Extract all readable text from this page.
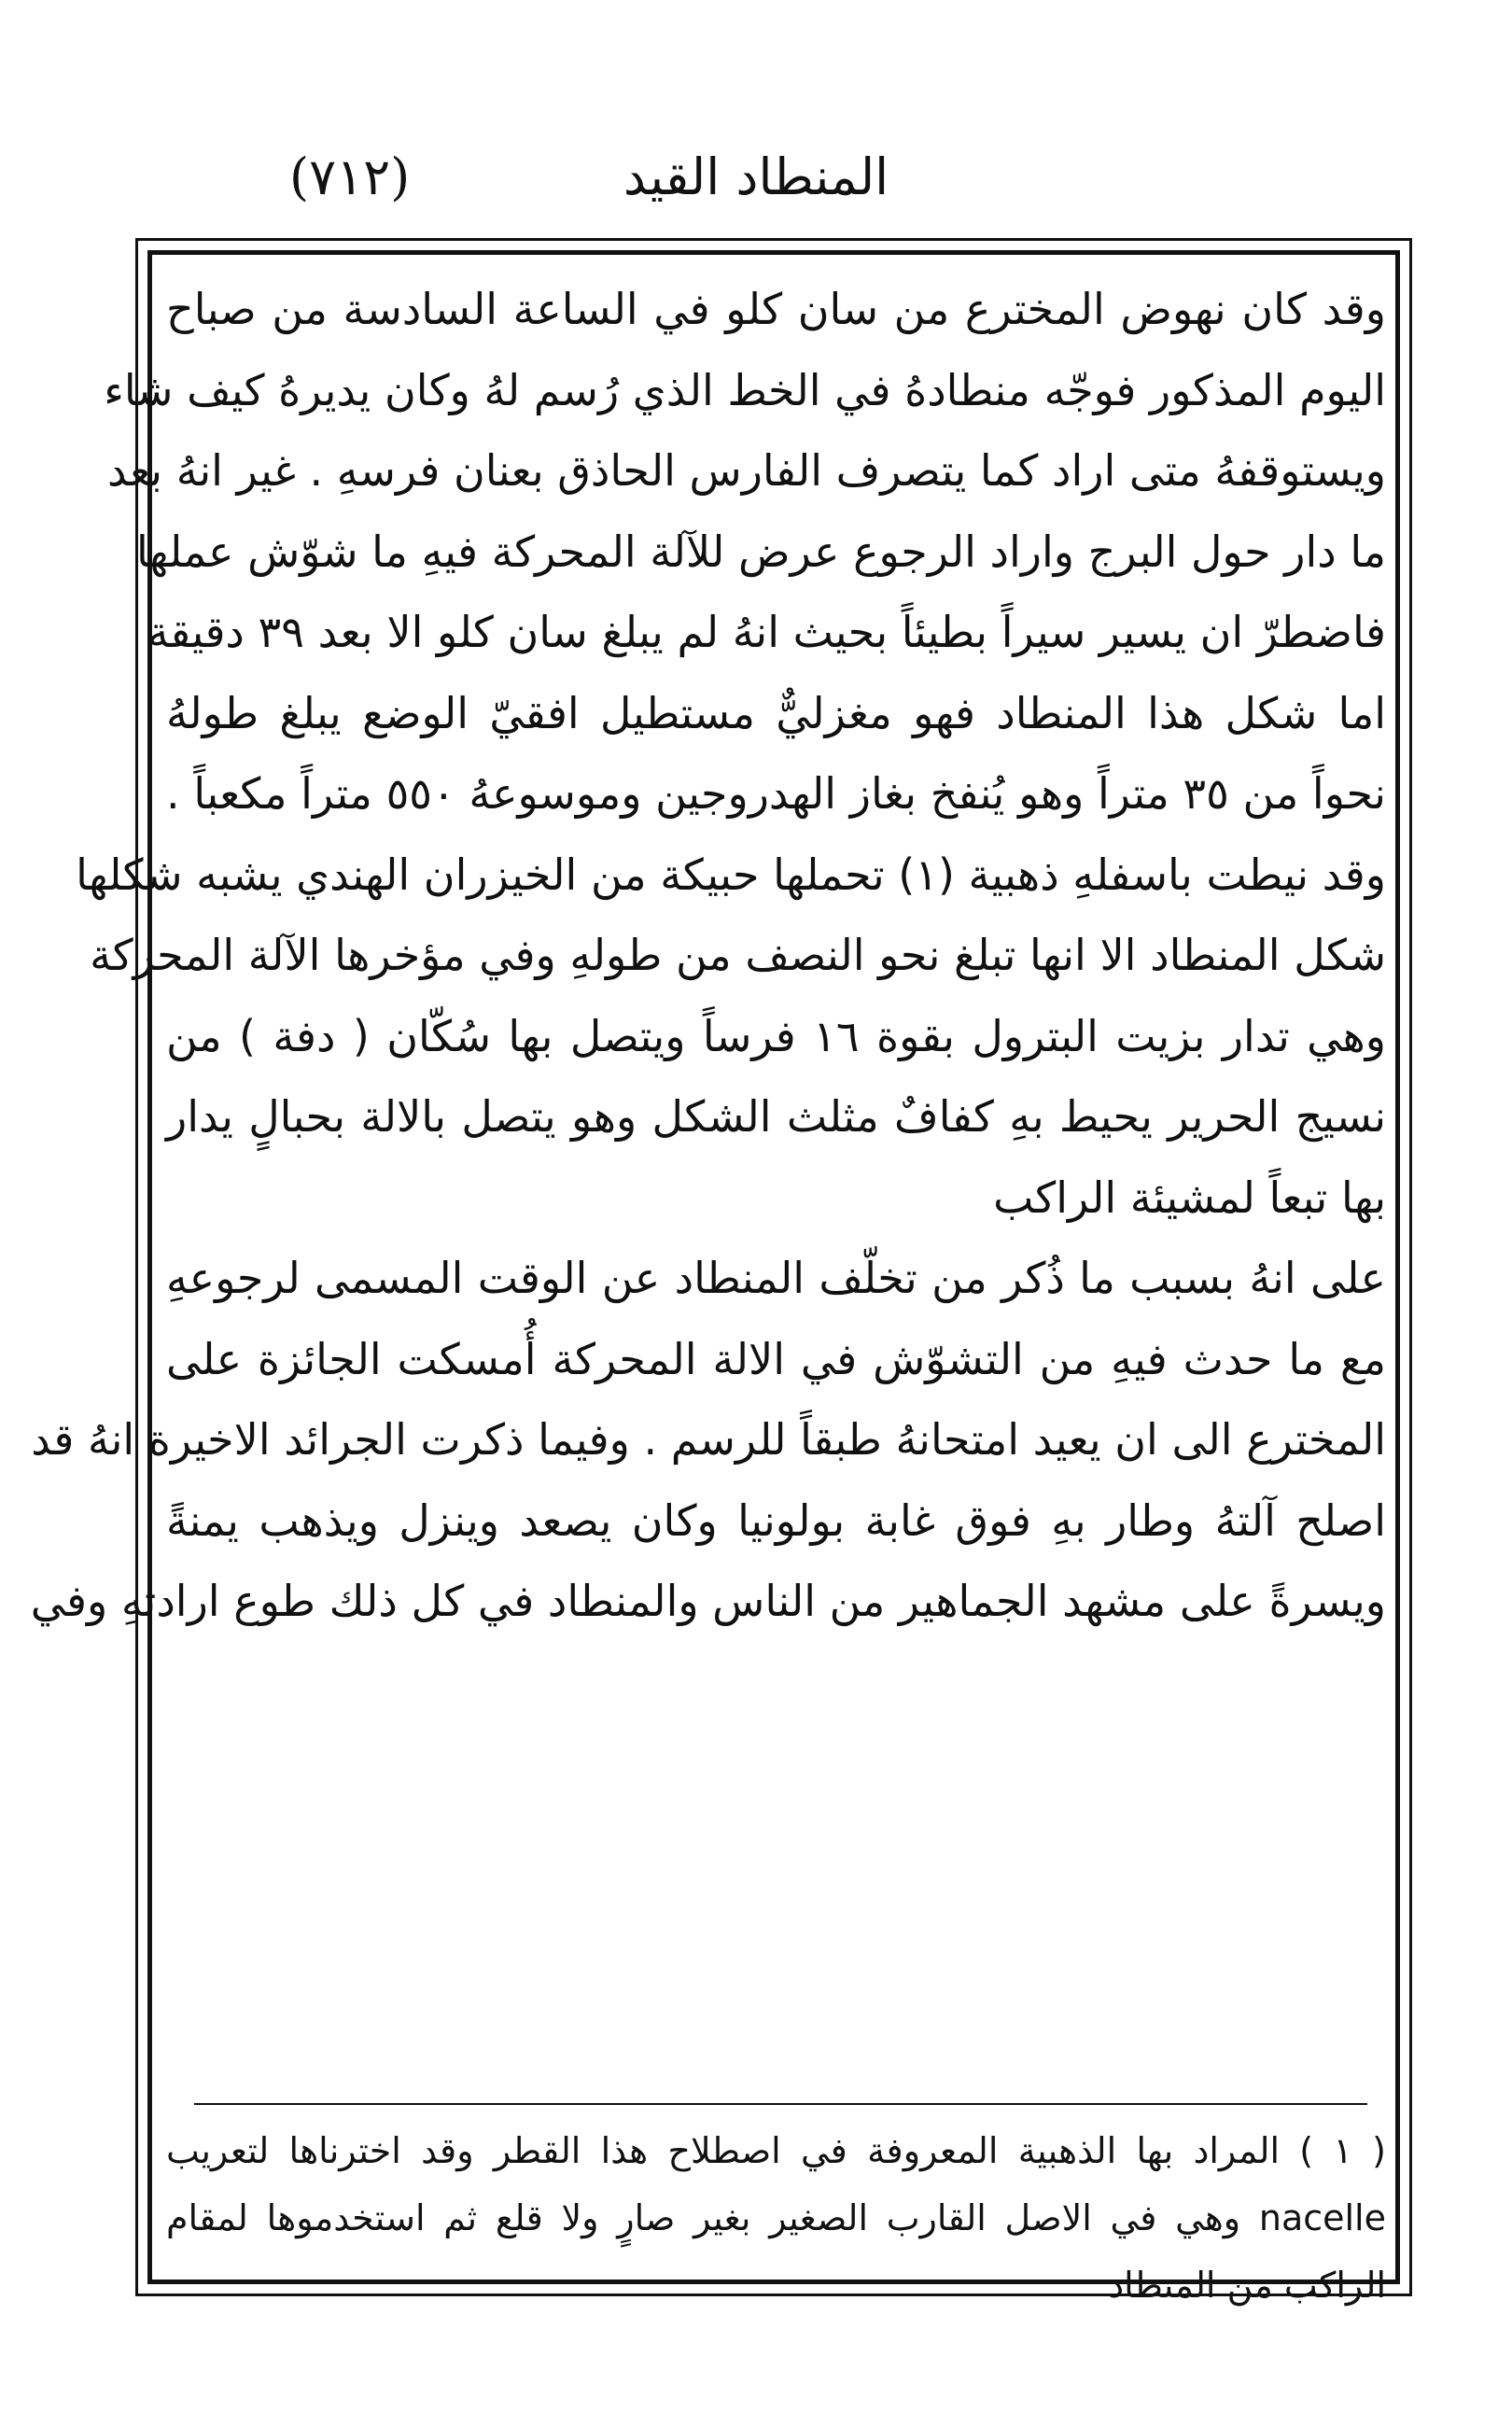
(٧١٢)	المنطاد القيد
وقد كان نهوض المخترع من سان كلو في الساعة السادسة من صباح
اليوم المذكور فوجّه منطادهُ في الخط الذي رُسم لهُ وكان يديرهُ كيف شاء
ويستوقفهُ متى اراد كما يتصرف الفارس الحاذق بعنان فرسهِ . غير انهُ بعد
ما دار حول البرج واراد الرجوع عرض للآلة المحركة فيهِ ما شوّش عملها
فاضطرّ ان يسير سيراً بطيئاً بحيث انهُ لم يبلغ سان كلو الا بعد ٣٩ دقيقة
اما شكل هذا المنطاد فهو مغزليٌّ مستطيل افقيّ الوضع يبلغ طولهُ
نحواً من ٣٥ متراً وهو يُنفخ بغاز الهدروجين وموسوعهُ ٥٥٠ متراً مكعباً .
وقد نيطت باسفلهِ ذهبية (١) تحملها حبيكة من الخيزران الهندي يشبه شكلها
شكل المنطاد الا انها تبلغ نحو النصف من طولهِ وفي مؤخرها الآلة المحركة
وهي تدار بزيت البترول بقوة ١٦ فرساً ويتصل بها سُكّان ( دفة ) من
نسيج الحرير يحيط بهِ كفافٌ مثلث الشكل وهو يتصل بالالة بحبالٍ يدار
بها تبعاً لمشيئة الراكب
على انهُ بسبب ما ذُكر من تخلّف المنطاد عن الوقت المسمى لرجوعهِ
مع ما حدث فيهِ من التشوّش في الالة المحركة أُمسكت الجائزة على
المخترع الى ان يعيد امتحانهُ طبقاً للرسم . وفيما ذكرت الجرائد الاخيرة انهُ قد
اصلح آلتهُ وطار بهِ فوق غابة بولونيا وكان يصعد وينزل ويذهب يمنةً
ويسرةً على مشهد الجماهير من الناس والمنطاد في كل ذلك طوع ارادتهِ وفي
( ١ ) المراد بها الذهبية المعروفة في اصطلاح هذا القطر وقد اخترناها لتعريب
nacelle وهي في الاصل القارب الصغير بغير صارٍ ولا قلع ثم استخدموها لمقام
الراكب من المنطاد
